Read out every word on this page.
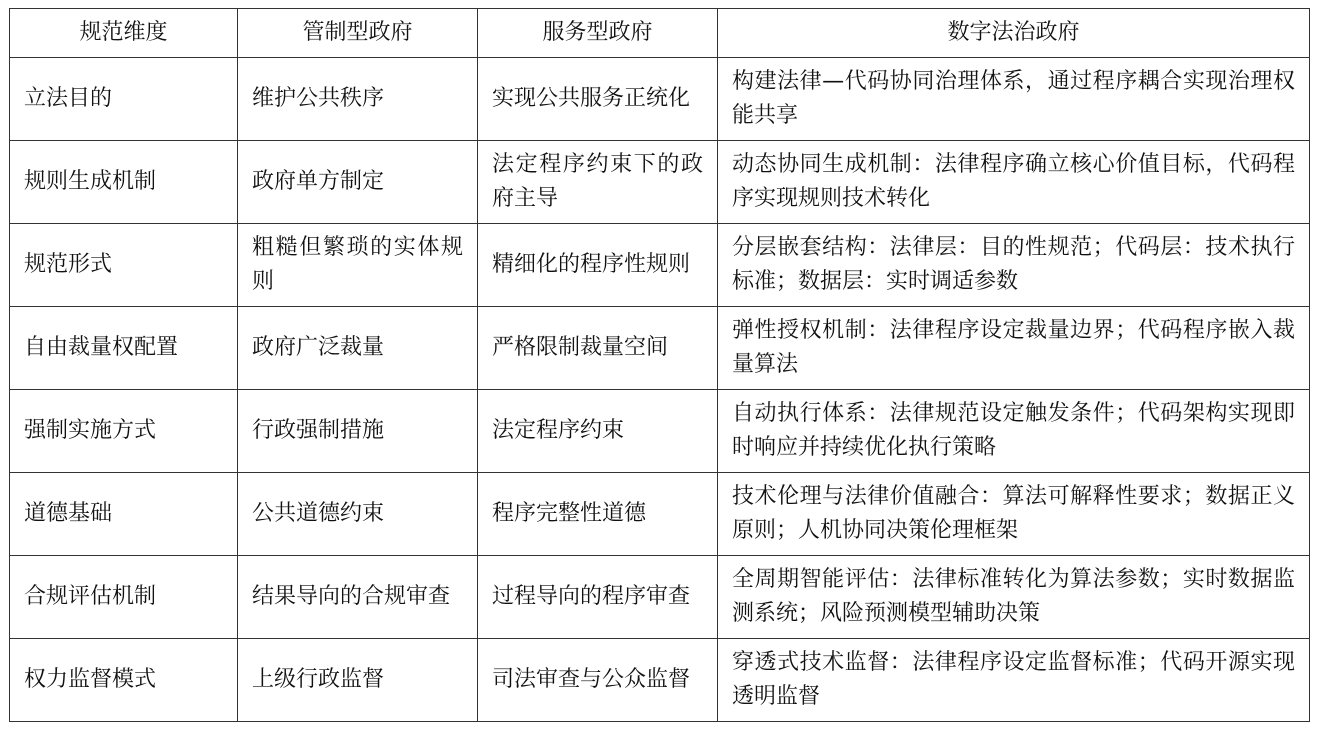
规范维度	管制型政府	服务型政府	数字法治政府

立法目的	维护公共秩序	实现公共服务正统化	构建法律—代码协同治理体系，通过程序耦合实现治理权能共享

规则生成机制	政府单方制定	法定程序约束下的政府主导	动态协同生成机制：法律程序确立核心价值目标，代码程序实现规则技术转化

规范形式	粗糙但繁琐的实体规则	精细化的程序性规则	分层嵌套结构：法律层：目的性规范；代码层：技术执行标准；数据层：实时调适参数

自由裁量权配置	政府广泛裁量	严格限制裁量空间	弹性授权机制：法律程序设定裁量边界；代码程序嵌入裁量算法

强制实施方式	行政强制措施	法定程序约束	自动执行体系：法律规范设定触发条件；代码架构实现即时响应并持续优化执行策略

道德基础	公共道德约束	程序完整性道德	技术伦理与法律价值融合：算法可解释性要求；数据正义原则；人机协同决策伦理框架

合规评估机制	结果导向的合规审查	过程导向的程序审查	全周期智能评估：法律标准转化为算法参数；实时数据监测系统；风险预测模型辅助决策

权力监督模式	上级行政监督	司法审查与公众监督	穿透式技术监督：法律程序设定监督标准；代码开源实现透明监督
